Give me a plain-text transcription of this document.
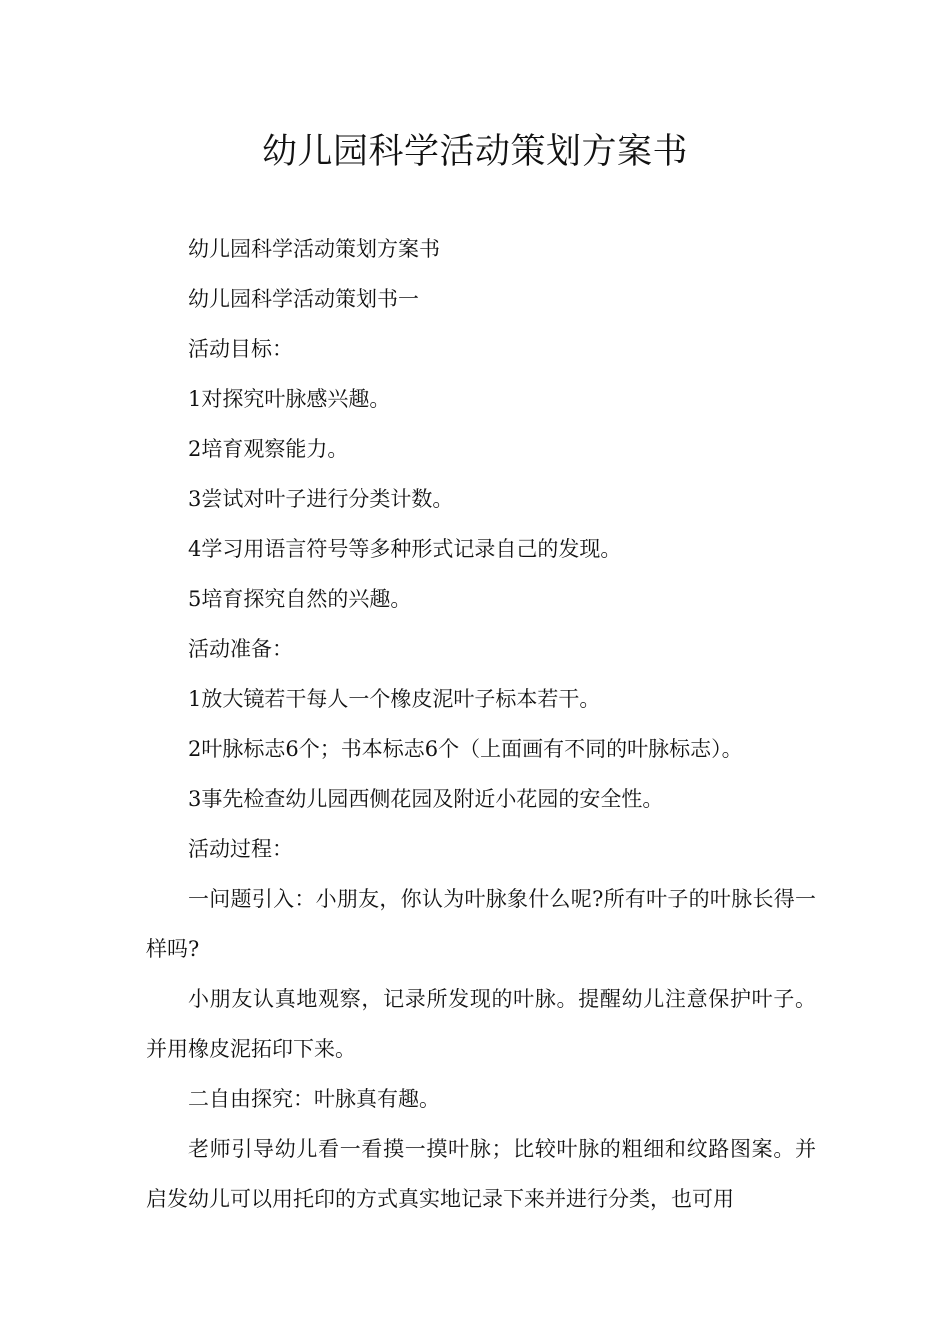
幼儿园科学活动策划方案书

幼儿园科学活动策划方案书

幼儿园科学活动策划书一

活动目标：

1对探究叶脉感兴趣。

2培育观察能力。

3尝试对叶子进行分类计数。

4学习用语言符号等多种形式记录自己的发现。

5培育探究自然的兴趣。

活动准备：

1放大镜若干每人一个橡皮泥叶子标本若干。

2叶脉标志6个；书本标志6个（上面画有不同的叶脉标志）。

3事先检查幼儿园西侧花园及附近小花园的安全性。

活动过程：

一问题引入：小朋友，你认为叶脉象什么呢?所有叶子的叶脉长得一样吗?

小朋友认真地观察，记录所发现的叶脉。提醒幼儿注意保护叶子。并用橡皮泥拓印下来。

二自由探究：叶脉真有趣。

老师引导幼儿看一看摸一摸叶脉；比较叶脉的粗细和纹路图案。并启发幼儿可以用托印的方式真实地记录下来并进行分类，也可用
